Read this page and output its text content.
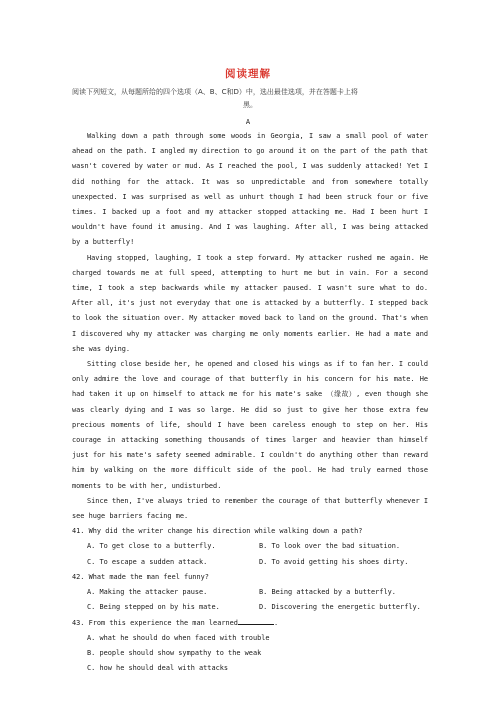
阅读理解
阅读下列短文，从每题所给的四个选项（A、B、C和D）中，选出最佳选项，并在答题卡上将
黑。
A

Walking down a path through some woods in Georgia, I saw a small pool of water ahead on the path. I angled my direction to go around it on the part of the path that wasn't covered by water or mud. As I reached the pool, I was suddenly attacked! Yet I did nothing for the attack. It was so unpredictable and from somewhere totally unexpected. I was surprised as well as unhurt though I had been struck four or five times. I backed up a foot and my attacker stopped attacking me. Had I been hurt I wouldn't have found it amusing. And I was laughing. After all, I was being attacked by a butterfly!

Having stopped, laughing, I took a step forward. My attacker rushed me again. He charged towards me at full speed, attempting to hurt me but in vain. For a second time, I took a step backwards while my attacker paused. I wasn't sure what to do. After all, it's just not everyday that one is attacked by a butterfly. I stepped back to look the situation over. My attacker moved back to land on the ground. That's when I discovered why my attacker was charging me only moments earlier. He had a mate and she was dying.

Sitting close beside her, he opened and closed his wings as if to fan her. I could only admire the love and courage of that butterfly in his concern for his mate. He had taken it up on himself to attack me for his mate's sake （缘故）, even though she was clearly dying and I was so large. He did so just to give her those extra few precious moments of life, should I have been careless enough to step on her. His courage in attacking something thousands of times larger and heavier than himself just for his mate's safety seemed admirable. I couldn't do anything other than reward him by walking on the more difficult side of the pool. He had truly earned those moments to be with her, undisturbed.

Since then, I've always tried to remember the courage of that butterfly whenever I see huge barriers facing me.

41. Why did the writer change his direction while walking down a path?

A. To get close to a butterfly.	B. To look over the bad situation.
C. To escape a sudden attack.	D. To avoid getting his shoes dirty.

42. What made the man feel funny?

A. Making the attacker pause.	B. Being attacked by a butterfly.
C. Being stepped on by his mate.	D. Discovering the energetic butterfly.

43. From this experience the man learned	.

A. what he should do when faced with trouble
B. people should show sympathy to the weak
C. how he should deal with attacks
